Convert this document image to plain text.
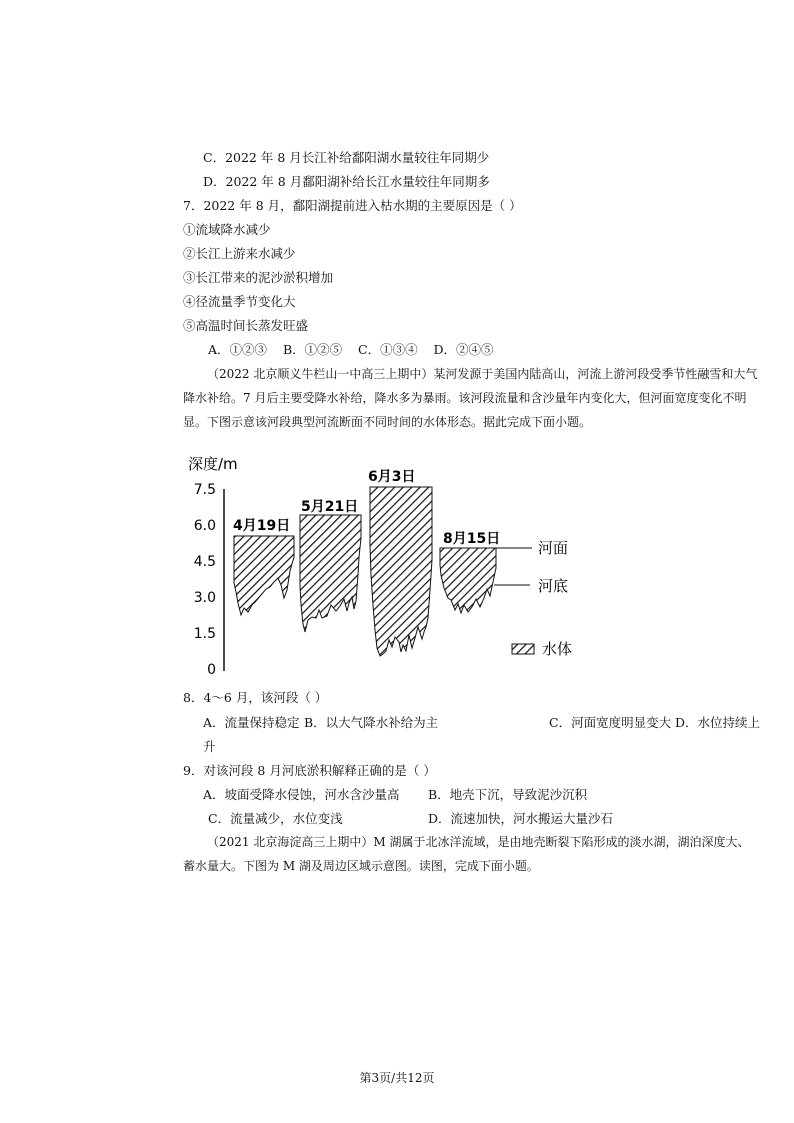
C．2022 年 8 月长江补给鄱阳湖水量较往年同期少
D．2022 年 8 月鄱阳湖补给长江水量较往年同期多
7．2022 年 8 月，鄱阳湖提前进入枯水期的主要原因是（ ）
①流域降水减少
②长江上游来水减少
③长江带来的泥沙淤积增加
④径流量季节变化大
⑤高温时间长蒸发旺盛
A．①②③ B．①②⑤ C．①③④ D．②④⑤
（2022 北京顺义牛栏山一中高三上期中）某河发源于美国内陆高山，河流上游河段受季节性融雪和大气降水补给。7 月后主要受降水补给，降水多为暴雨。该河段流量和含沙量年内变化大，但河面宽度变化不明显。下图示意该河段典型河流断面不同时间的水体形态。据此完成下面小题。
深度/m
7.5
6.0
4.5
3.0
1.5
0
4月19日
5月21日
6月3日
8月15日	河面
河底
水体
8．4～6 月，该河段（ ）
A．流量保持稳定 B．以大气降水补给为主	C．河面宽度明显变大 D．水位持续上
升
9．对该河段 8 月河底淤积解释正确的是（ ）
A．坡面受降水侵蚀，河水含沙量高 B．地壳下沉，导致泥沙沉积
C．流量减少，水位变浅	D．流速加快，河水搬运大量沙石
（2021 北京海淀高三上期中）M 湖属于北冰洋流域，是由地壳断裂下陷形成的淡水湖，湖泊深度大、蓄水量大。下图为 M 湖及周边区域示意图。读图，完成下面小题。
第3页/共12页
